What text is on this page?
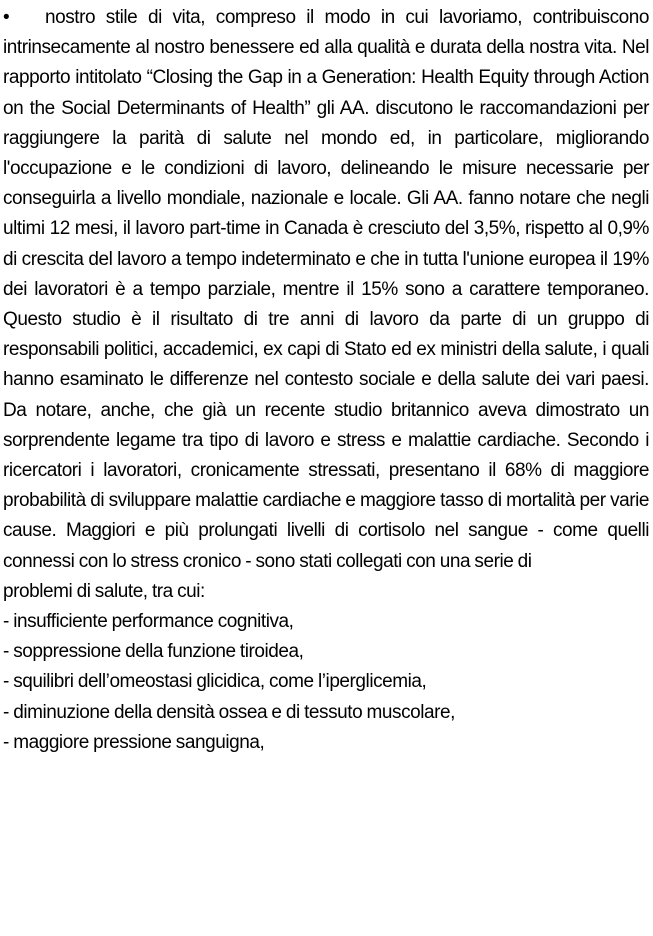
• nostro stile di vita, compreso il modo in cui lavoriamo, contribuiscono intrinsecamente al nostro benessere ed alla qualità e durata della nostra vita. Nel rapporto intitolato “Closing the Gap in a Generation: Health Equity through Action on the Social Determinants of Health” gli AA. discutono le raccomandazioni per raggiungere la parità di salute nel mondo ed, in particolare, migliorando l'occupazione e le condizioni di lavoro, delineando le misure necessarie per conseguirla a livello mondiale, nazionale e locale. Gli AA. fanno notare che negli ultimi 12 mesi, il lavoro part-time in Canada è cresciuto del 3,5%, rispetto al 0,9% di crescita del lavoro a tempo indeterminato e che in tutta l'unione europea il 19% dei lavoratori è a tempo parziale, mentre il 15% sono a carattere temporaneo. Questo studio è il risultato di tre anni di lavoro da parte di un gruppo di responsabili politici, accademici, ex capi di Stato ed ex ministri della salute, i quali hanno esaminato le differenze nel contesto sociale e della salute dei vari paesi. Da notare, anche, che già un recente studio britannico aveva dimostrato un sorprendente legame tra tipo di lavoro e stress e malattie cardiache. Secondo i ricercatori i lavoratori, cronicamente stressati, presentano il 68% di maggiore probabilità di sviluppare malattie cardiache e maggiore tasso di mortalità per varie cause. Maggiori e più prolungati livelli di cortisolo nel sangue - come quelli connessi con lo stress cronico - sono stati collegati con una serie di

problemi di salute, tra cui:

- insufficiente performance cognitiva,
- soppressione della funzione tiroidea,
- squilibri dell’omeostasi glicidica, come l’iperglicemia,
- diminuzione della densità ossea e di tessuto muscolare,
- maggiore pressione sanguigna,
